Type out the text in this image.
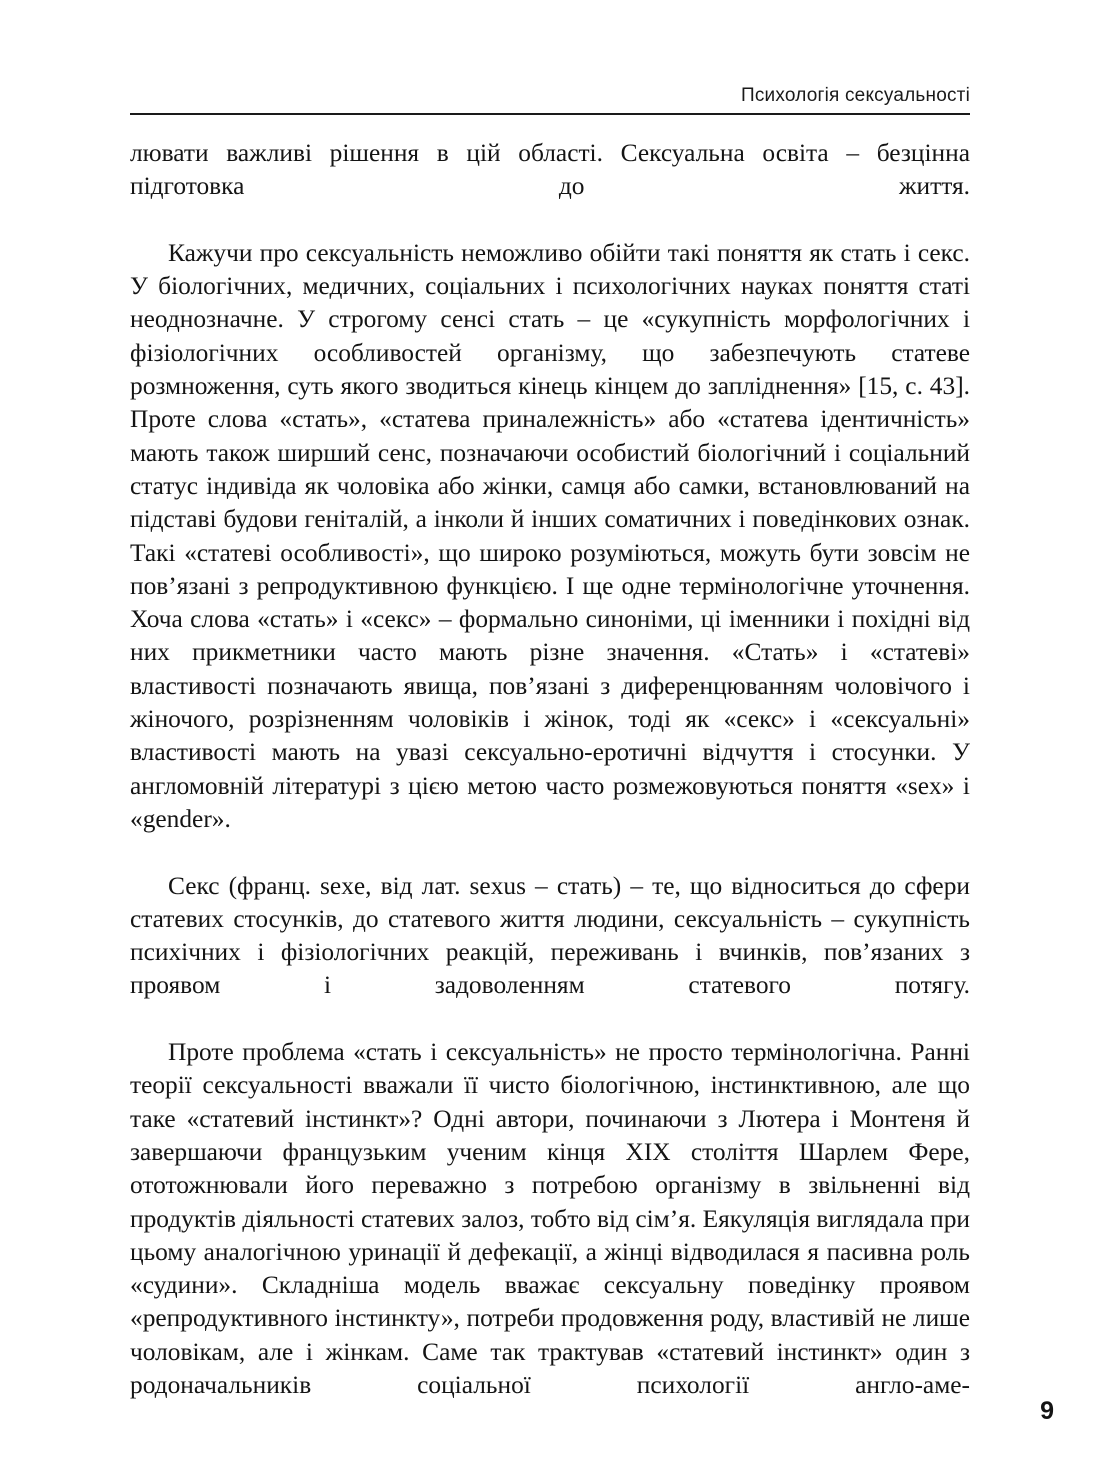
Психологія сексуальності

лювати важливі рішення в цій області. Сексуальна освіта – безцінна підготовка до життя.

Кажучи про сексуальність неможливо обійти такі поняття як стать і секс. У біологічних, медичних, соціальних і психологічних науках поняття статі неоднозначне. У строгому сенсі стать – це «сукупність морфологічних і фізіологічних особливостей організму, що забезпечують статеве розмноження, суть якого зводиться кінець кінцем до запліднення» [15, с. 43]. Проте слова «стать», «статева приналежність» або «статева ідентичність» мають також ширший сенс, позначаючи особистий біологічний і соціальний статус індивіда як чоловіка або жінки, самця або самки, встановлюваний на підставі будови геніталій, а інколи й інших соматичних і поведінкових ознак. Такі «статеві особливості», що широко розуміються, можуть бути зовсім не пов’язані з репродуктивною функцією. І ще одне термінологічне уточнення. Хоча слова «стать» і «секс» – формально синоніми, ці іменники і похідні від них прикметники часто мають різне значення. «Стать» і «статеві» властивості позначають явища, пов’язані з диференцюванням чоловічого і жіночого, розрізненням чоловіків і жінок, тоді як «секс» і «сексуальні» властивості мають на увазі сексуально-еротичні відчуття і стосунки. У англомовній літературі з цією метою часто розмежовуються поняття «sex» і «gender».

Секс (франц. sexe, від лат. sexus – стать) – те, що відноситься до сфери статевих стосунків, до статевого життя людини, сексуальність – сукупність психічних і фізіологічних реакцій, переживань і вчинків, пов’язаних з проявом і задоволенням статевого потягу.

Проте проблема «стать і сексуальність» не просто термінологічна. Ранні теорії сексуальності вважали її чисто біологічною, інстинктивною, але що таке «статевий інстинкт»? Одні автори, починаючи з Лютера і Монтеня й завершаючи французьким ученим кінця XIX століття Шарлем Фере, ототожнювали його переважно з потребою організму в звільненні від продуктів діяльності статевих залоз, тобто від сім’я. Еякуляція виглядала при цьому аналогічною уринації й дефекації, а жінці відводилася я пасивна роль «судини». Складніша модель вважає сексуальну поведінку проявом «репродуктивного інстинкту», потреби продовження роду, властивій не лише чоловікам, але і жінкам. Саме так трактував «статевий інстинкт» один з родоначальників соціальної психології англо-аме-

9
